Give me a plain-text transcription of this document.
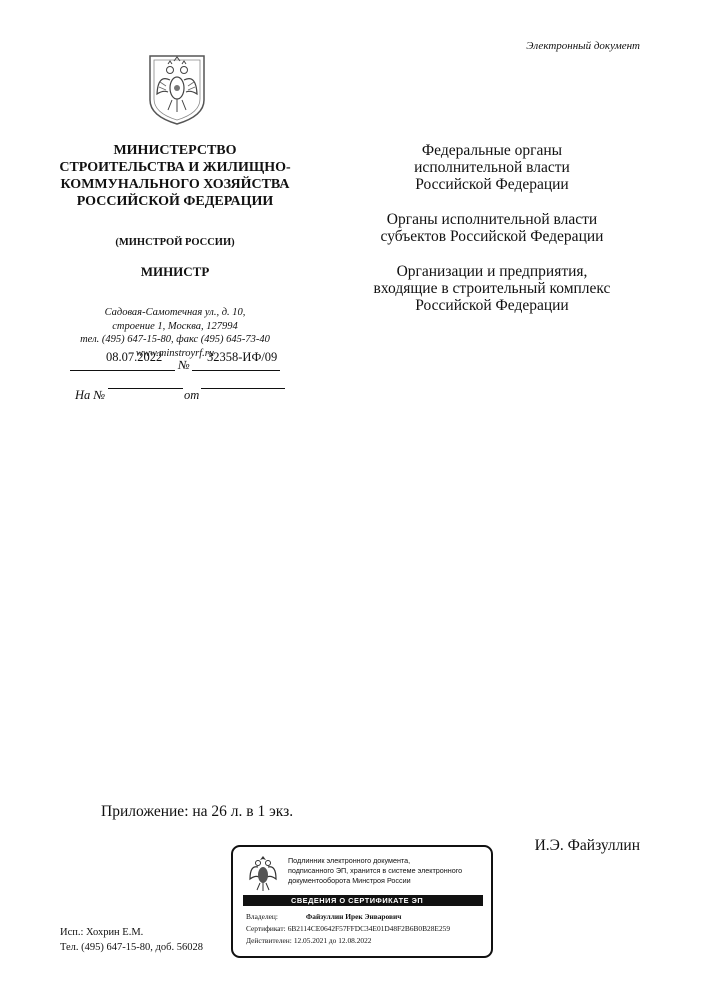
Электронный документ

МИНИСТЕРСТВО

СТРОИТЕЛЬСТВА И ЖИЛИЩНО-

КОММУНАЛЬНОГО ХОЗЯЙСТВА

РОССИЙСКОЙ ФЕДЕРАЦИИ

(МИНСТРОЙ РОССИИ)
МИНИСТР
Садовая-Самотечная ул., д. 10,
строение 1, Москва, 127994
тел. (495) 647-15-80, факс (495) 645-73-40
www.minstroyrf.ru
08.07.2022	32358-ИФ/09
№
На №	от

Федеральные органы
исполнительной власти
Российской Федерации

Органы исполнительной власти
субъектов Российской Федерации

Организации и предприятия,
входящие в строительный комплекс
Российской Федерации

Приложение: на 26 л. в 1 экз.
И.Э. Файзуллин
Исп.: Хохрин Е.М.
Тел. (495) 647-15-80, доб. 56028
Подлинник электронного документа,
подписанного ЭП, хранится в системе электронного
документооборота Минстроя России
СВЕДЕНИЯ О СЕРТИФИКАТЕ ЭП
Владелец:	Файзуллин Ирек Энварович
Сертификат: 6B2114CE0642F57FFDC34E01D48F2B6B0B28E259
Действителен: 12.05.2021 до 12.08.2022
